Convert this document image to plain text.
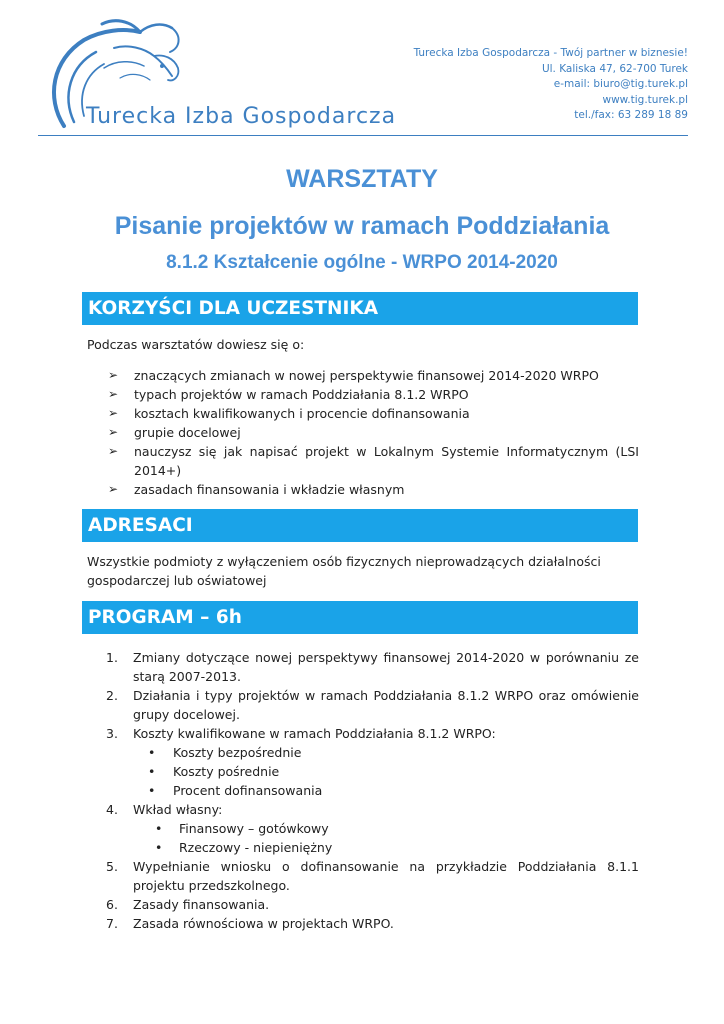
Turecka Izba Gospodarcza
Turecka Izba Gospodarcza - Twój partner w biznesie!
Ul. Kaliska 47, 62-700 Turek
e-mail: biuro@tig.turek.pl
www.tig.turek.pl
tel./fax: 63 289 18 89
WARSZTATY
Pisanie projektów w ramach Poddziałania
8.1.2 Kształcenie ogólne - WRPO 2014-2020
KORZYŚCI DLA UCZESTNIKA
Podczas warsztatów dowiesz się o:
➢ znaczących zmianach w nowej perspektywie finansowej 2014-2020 WRPO
➢ typach projektów w ramach Poddziałania 8.1.2 WRPO
➢ kosztach kwalifikowanych i procencie dofinansowania
➢ grupie docelowej
➢ nauczysz się jak napisać projekt w Lokalnym Systemie Informatycznym (LSI 2014+)
➢ zasadach finansowania i wkładzie własnym
ADRESACI
Wszystkie podmioty z wyłączeniem osób fizycznych nieprowadzących działalności gospodarczej lub oświatowej
PROGRAM – 6h
1. Zmiany dotyczące nowej perspektywy finansowej 2014-2020 w porównaniu ze starą 2007-2013.
2. Działania i typy projektów w ramach Poddziałania 8.1.2 WRPO oraz omówienie grupy docelowej.
3. Koszty kwalifikowane w ramach Poddziałania 8.1.2 WRPO:
• Koszty bezpośrednie
• Koszty pośrednie
• Procent dofinansowania
4. Wkład własny:
• Finansowy – gotówkowy
• Rzeczowy - niepieniężny
5. Wypełnianie wniosku o dofinansowanie na przykładzie Poddziałania 8.1.1 projektu przedszkolnego.
6. Zasady finansowania.
7. Zasada równościowa w projektach WRPO.
